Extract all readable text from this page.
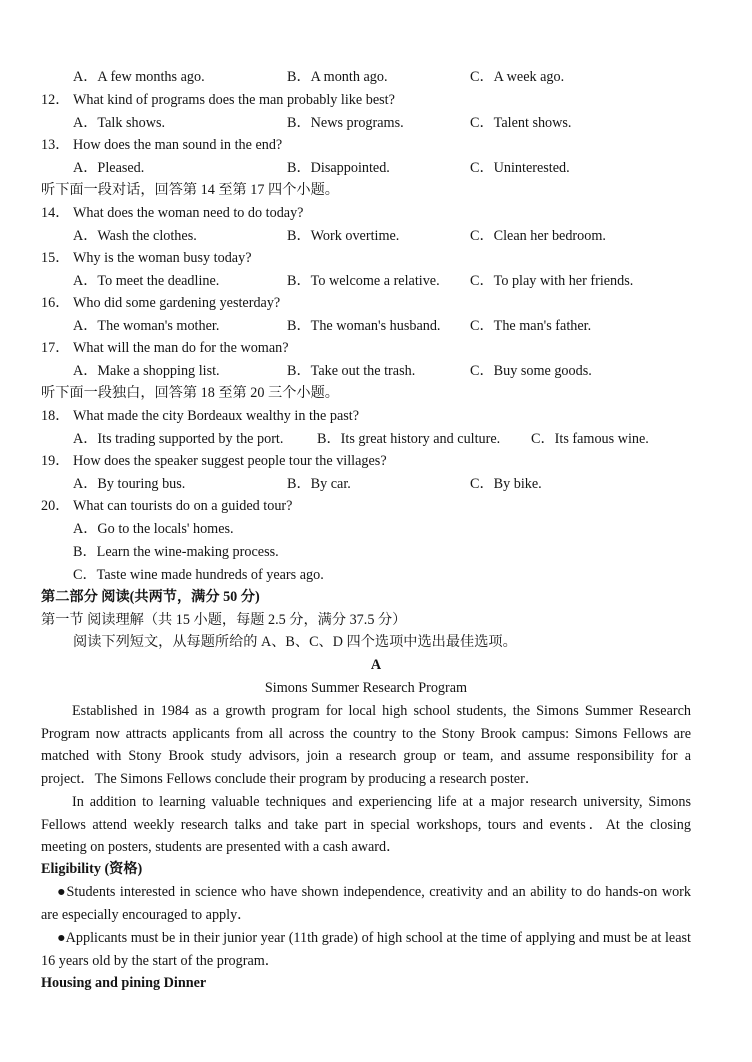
A．A few months ago.	B．A month ago.	C．A week ago.
12． What kind of programs does the man probably like best?
A．Talk shows.	B．News programs.	C．Talent shows.
13． How does the man sound in the end?
A．Pleased.	B．Disappointed.	C．Uninterested.
听下面一段对话，回答第 14 至第 17 四个小题。
14． What does the woman need to do today?
A．Wash the clothes.	B．Work overtime.	C．Clean her bedroom.
15． Why is the woman busy today?
A．To meet the deadline.	B．To welcome a relative. C．To play with her friends.
16． Who did some gardening yesterday?
A．The woman's mother.	B．The woman's husband. C．The man's father.
17． What will the man do for the woman?
A．Make a shopping list.	B．Take out the trash.	C．Buy some goods.
听下面一段独白，回答第 18 至第 20 三个小题。
18． What made the city Bordeaux wealthy in the past?
A．Its trading supported by the port. B．Its great history and culture. C．Its famous wine.
19． How does the speaker suggest people tour the villages?
A．By touring bus.	B．By car.	C．By bike.
20． What can tourists do on a guided tour?
A．Go to the locals' homes.
B．Learn the wine-making process.
C．Taste wine made hundreds of years ago.
第二部分 阅读(共两节，满分 50 分)
第一节 阅读理解（共 15 小题，每题 2.5 分，满分 37.5 分）
阅读下列短文，从每题所给的 A、B、C、D 四个选项中选出最佳选项。
A
Simons Summer Research Program

Established in 1984 as a growth program for local high school students, the Simons Summer Research Program now attracts applicants from all across the country to the Stony Brook campus: Simons Fellows are matched with Stony Brook study advisors, join a research group or team, and assume responsibility for a project．The Simons Fellows conclude their program by producing a research poster．

In addition to learning valuable techniques and experiencing life at a major research university, Simons Fellows attend weekly research talks and take part in special workshops, tours and events．At the closing meeting on posters, students are presented with a cash award．

Eligibility (资格)

●Students interested in science who have shown independence, creativity and an ability to do hands-on work are especially encouraged to apply．

●Applicants must be in their junior year (11th grade) of high school at the time of applying and must be at least 16 years old by the start of the program．

Housing and pining Dinner
